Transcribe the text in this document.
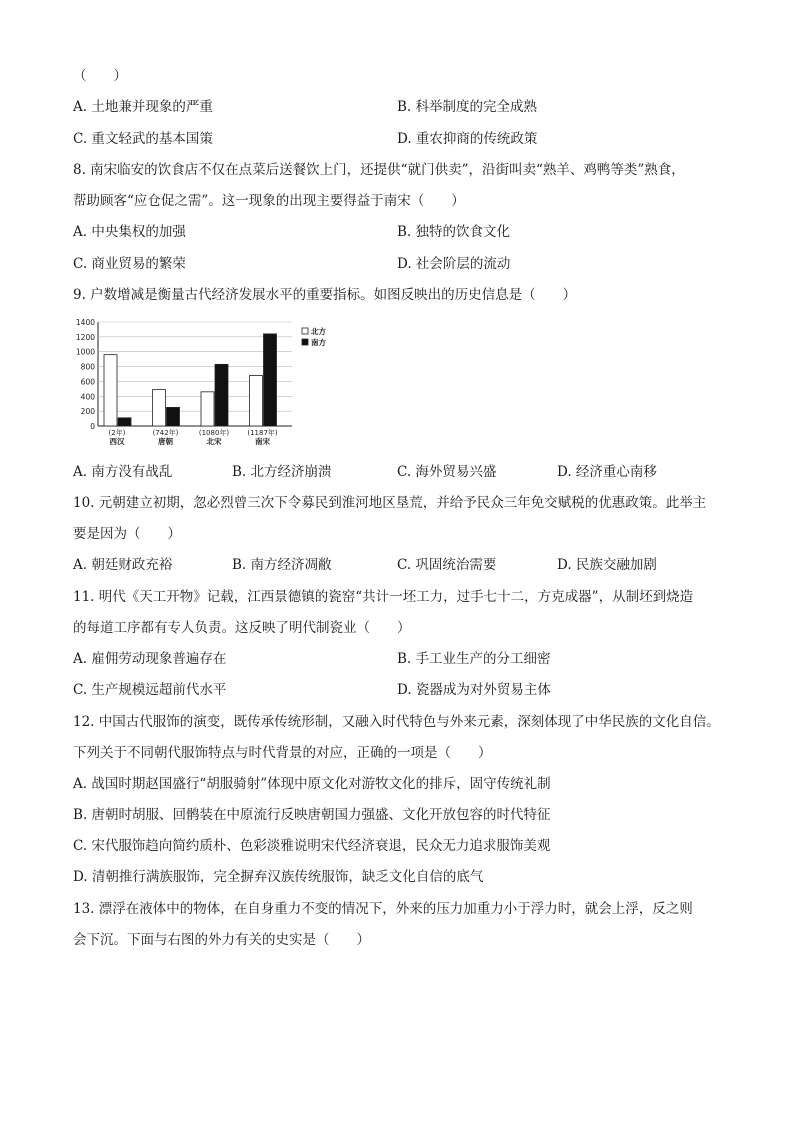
（　　）
A. 土地兼并现象的严重	B. 科举制度的完全成熟
C. 重文轻武的基本国策	D. 重农抑商的传统政策
8. 南宋临安的饮食店不仅在点菜后送餐饮上门，还提供“就门供卖”，沿街叫卖“熟羊、鸡鸭等类”熟食，
帮助顾客“应仓促之需”。这一现象的出现主要得益于南宋（　　）
A. 中央集权的加强	B. 独特的饮食文化
C. 商业贸易的繁荣	D. 社会阶层的流动
9. 户数增减是衡量古代经济发展水平的重要指标。如图反映出的历史信息是（　　）
0
200
400
600
800
1000
1200
1400
(2年)
西汉
(742年)
唐朝
(1080年)
北宋
(1187年)
南宋
北方
南方
A. 南方没有战乱	B. 北方经济崩溃	C. 海外贸易兴盛	D. 经济重心南移
10. 元朝建立初期，忽必烈曾三次下令募民到淮河地区垦荒，并给予民众三年免交赋税的优惠政策。此举主
要是因为（　　）
A. 朝廷财政充裕	B. 南方经济凋敝	C. 巩固统治需要	D. 民族交融加剧
11. 明代《天工开物》记载，江西景德镇的瓷窑“共计一坯工力，过手七十二，方克成器”，从制坯到烧造
的每道工序都有专人负责。这反映了明代制瓷业（　　）
A. 雇佣劳动现象普遍存在	B. 手工业生产的分工细密
C. 生产规模远超前代水平	D. 瓷器成为对外贸易主体
12. 中国古代服饰的演变，既传承传统形制，又融入时代特色与外来元素，深刻体现了中华民族的文化自信。
下列关于不同朝代服饰特点与时代背景的对应，正确的一项是（　　）
A. 战国时期赵国盛行“胡服骑射”体现中原文化对游牧文化的排斥，固守传统礼制
B. 唐朝时胡服、回鹘装在中原流行反映唐朝国力强盛、文化开放包容的时代特征
C. 宋代服饰趋向简约质朴、色彩淡雅说明宋代经济衰退，民众无力追求服饰美观
D. 清朝推行满族服饰，完全摒弃汉族传统服饰，缺乏文化自信的底气
13. 漂浮在液体中的物体，在自身重力不变的情况下，外来的压力加重力小于浮力时，就会上浮，反之则
会下沉。下面与右图的外力有关的史实是（　　）
